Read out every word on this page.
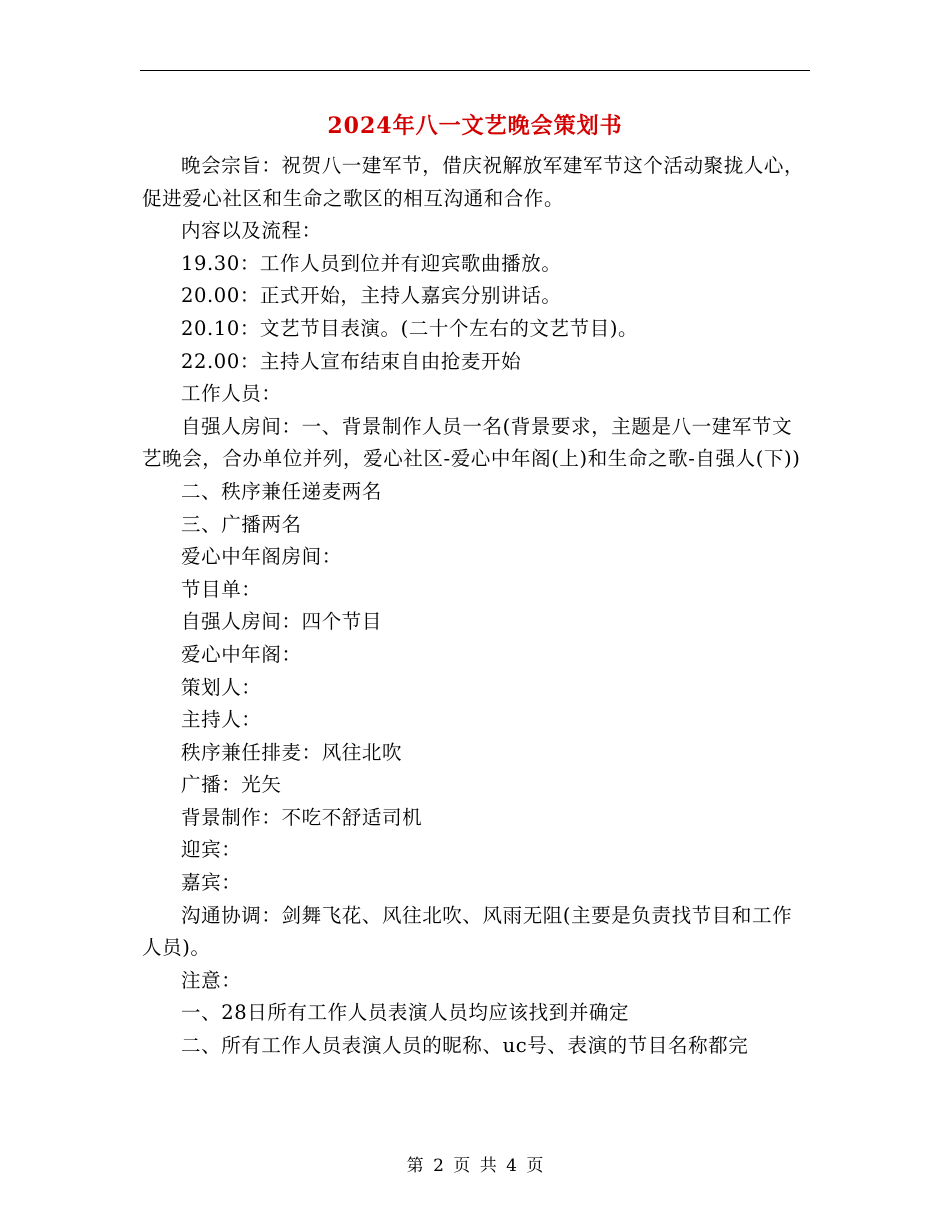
2024年八一文艺晚会策划书

晚会宗旨：祝贺八一建军节，借庆祝解放军建军节这个活动聚拢人心，促进爱心社区和生命之歌区的相互沟通和合作。

内容以及流程：

19.30：工作人员到位并有迎宾歌曲播放。

20.00：正式开始，主持人嘉宾分别讲话。

20.10：文艺节目表演。(二十个左右的文艺节目)。

22.00：主持人宣布结束自由抢麦开始

工作人员：

自强人房间：一、背景制作人员一名(背景要求，主题是八一建军节文艺晚会，合办单位并列，爱心社区-爱心中年阁(上)和生命之歌-自强人(下))

二、秩序兼任递麦两名

三、广播两名

爱心中年阁房间：

节目单：

自强人房间：四个节目

爱心中年阁：

策划人：

主持人：

秩序兼任排麦：风往北吹

广播：光矢

背景制作：不吃不舒适司机

迎宾：

嘉宾：

沟通协调：剑舞飞花、风往北吹、风雨无阻(主要是负责找节目和工作人员)。

注意：

一、28日所有工作人员表演人员均应该找到并确定

二、所有工作人员表演人员的昵称、uc号、表演的节目名称都完

第 2 页 共 4 页
